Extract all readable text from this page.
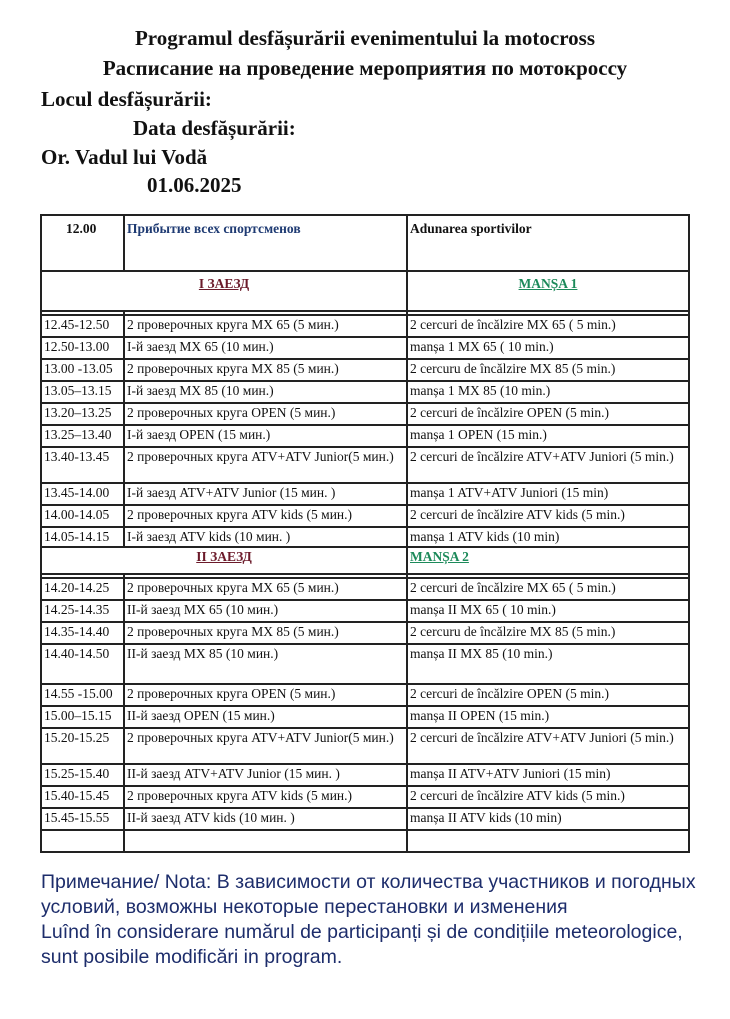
Programul desfășurării evenimentului la motocross
Расписание на проведение мероприятия по мотокроссу
Locul desfășurării:
Data desfășurării:
Or. Vadul lui Vodă
01.06.2025
12.00	Прибытие всех спортсменов	Adunarea sportivilor
I ЗАЕЗД		MANȘA 1

12.45-12.50	2 проверочных круга MX 65 (5 мин.)	2 cercuri de încălzire MX 65 ( 5 min.)
12.50-13.00	I-й заезд MX 65 (10 мин.)	manșa 1 MX 65 ( 10 min.)
13.00 -13.05	2 проверочных круга MX 85 (5 мин.)	2 cercuru de încălzire MX 85 (5 min.)
13.05–13.15	I-й заезд MX 85 (10 мин.)	manșa 1 MX 85 (10 min.)
13.20–13.25	2 проверочных круга OPEN (5 мин.)	2 cercuri de încălzire OPEN (5 min.)
13.25–13.40	I-й заезд OPEN (15 мин.)	manșa 1 OPEN (15 min.)
13.40-13.45	2 проверочных круга ATV+ATV Junior(5 мин.)	2 cercuri de încălzire ATV+ATV Juniori (5 min.)
13.45-14.00	I-й заезд ATV+ATV Junior (15 мин. )	manșa 1 ATV+ATV Juniori (15 min)
14.00-14.05	2 проверочных круга ATV kids (5 мин.)	2 cercuri de încălzire ATV kids (5 min.)
14.05-14.15	I-й заезд ATV kids (10 мин. )	manșa 1 ATV kids (10 min)
II ЗАЕЗД		MANȘA 2

14.20-14.25	2 проверочных круга MX 65 (5 мин.)	2 cercuri de încălzire MX 65 ( 5 min.)
14.25-14.35	II-й заезд MX 65 (10 мин.)	manșa II MX 65 ( 10 min.)
14.35-14.40	2 проверочных круга MX 85 (5 мин.)	2 cercuru de încălzire MX 85 (5 min.)
14.40-14.50	II-й заезд MX 85 (10 мин.)	manșa II MX 85 (10 min.)
14.55 -15.00	2 проверочных круга OPEN (5 мин.)	2 cercuri de încălzire OPEN (5 min.)
15.00–15.15	II-й заезд OPEN (15 мин.)	manșa II OPEN (15 min.)
15.20-15.25	2 проверочных круга ATV+ATV Junior(5 мин.)	2 cercuri de încălzire ATV+ATV Juniori (5 min.)
15.25-15.40	II-й заезд ATV+ATV Junior (15 мин. )	manșa II ATV+ATV Juniori (15 min)
15.40-15.45	2 проверочных круга ATV kids (5 мин.)	2 cercuri de încălzire ATV kids (5 min.)
15.45-15.55	II-й заезд ATV kids (10 мин. )	manșa II ATV kids (10 min)

Примечание/ Nota: В зависимости от количества участников и погодных условий, возможны некоторые перестановки и изменения
Luînd în considerare numărul de participanți și de condițiile meteorologice, sunt posibile modificări in program.
